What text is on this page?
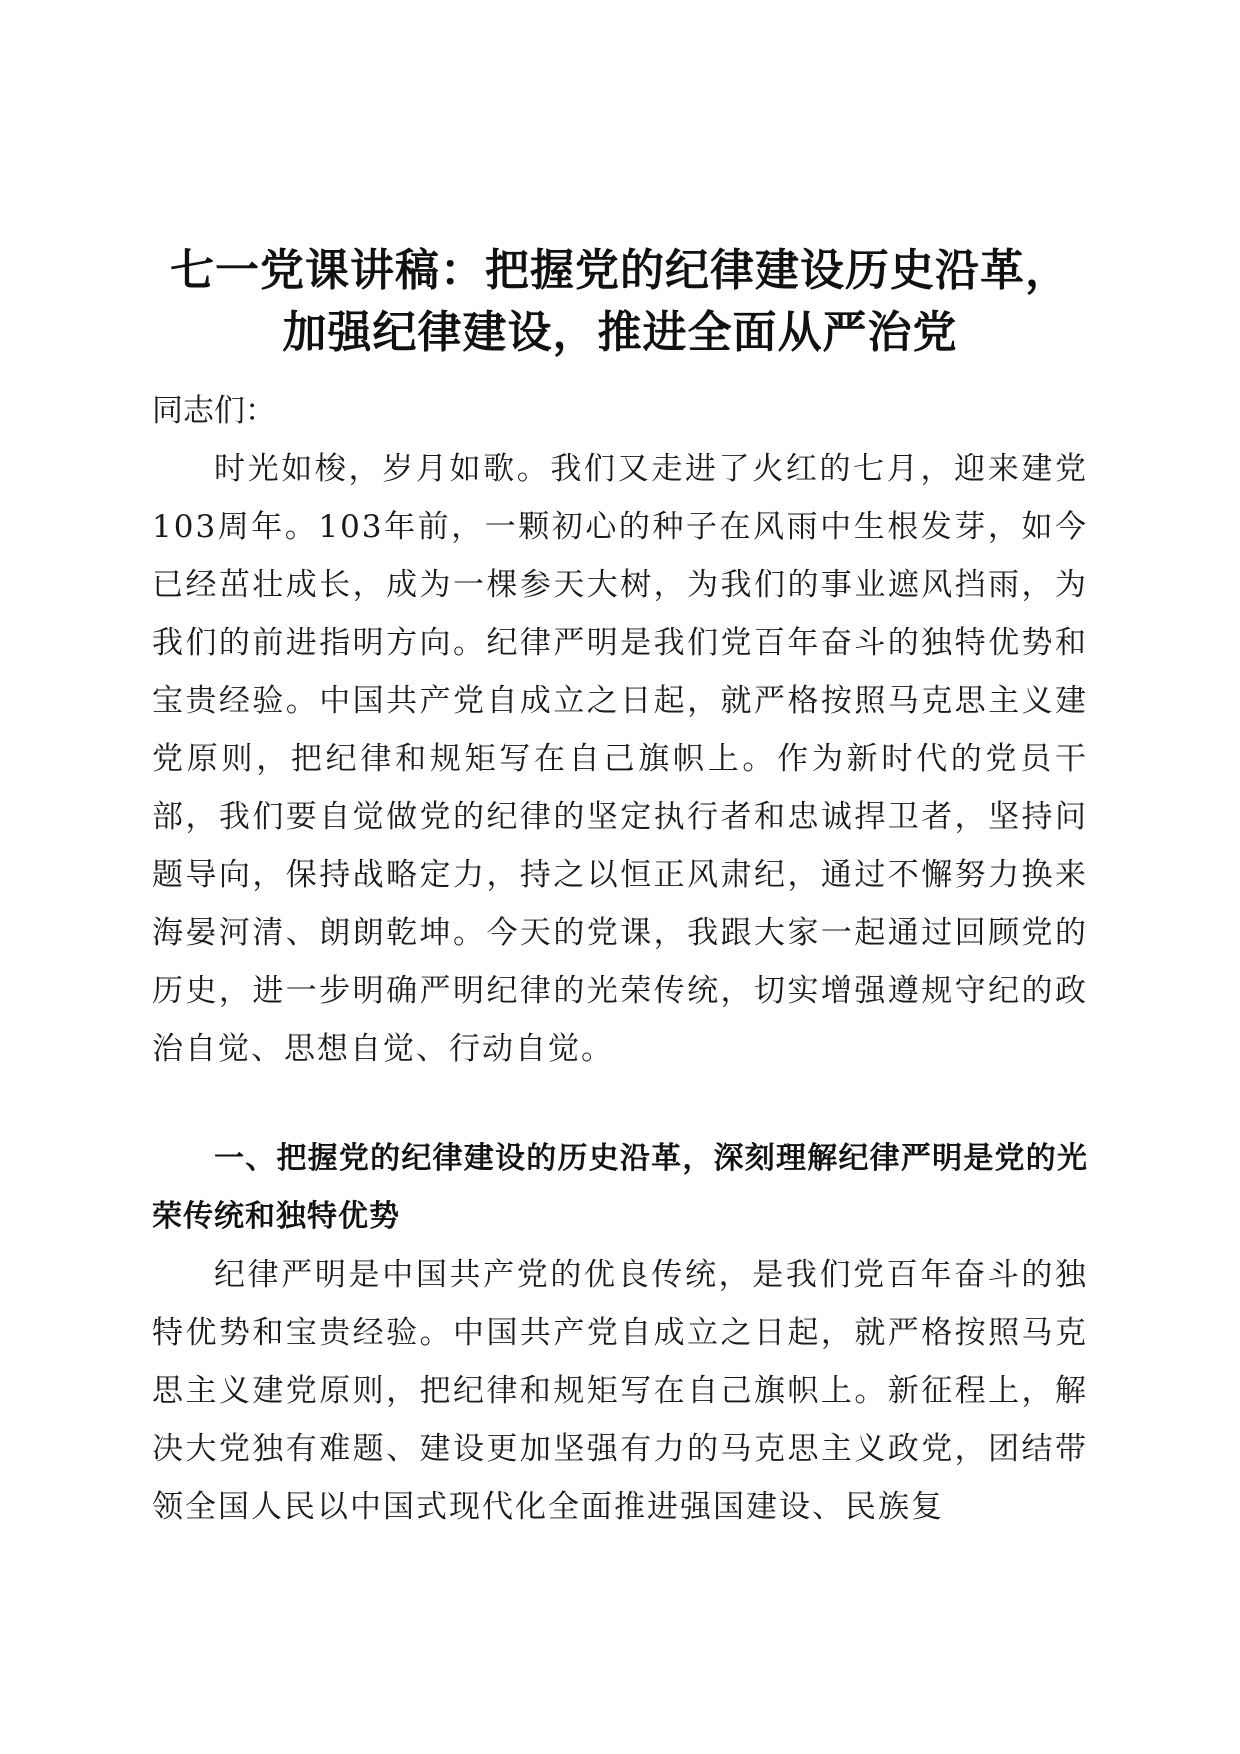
七一党课讲稿：把握党的纪律建设历史沿革，
加强纪律建设，推进全面从严治党
同志们：

时光如梭，岁月如歌。我们又走进了火红的七月，迎来建党103周年。103年前，一颗初心的种子在风雨中生根发芽，如今已经茁壮成长，成为一棵参天大树，为我们的事业遮风挡雨，为我们的前进指明方向。纪律严明是我们党百年奋斗的独特优势和宝贵经验。中国共产党自成立之日起，就严格按照马克思主义建党原则，把纪律和规矩写在自己旗帜上。作为新时代的党员干部，我们要自觉做党的纪律的坚定执行者和忠诚捍卫者，坚持问题导向，保持战略定力，持之以恒正风肃纪，通过不懈努力换来海晏河清、朗朗乾坤。今天的党课，我跟大家一起通过回顾党的历史，进一步明确严明纪律的光荣传统，切实增强遵规守纪的政治自觉、思想自觉、行动自觉。

一、把握党的纪律建设的历史沿革，深刻理解纪律严明是党的光荣传统和独特优势

纪律严明是中国共产党的优良传统，是我们党百年奋斗的独特优势和宝贵经验。中国共产党自成立之日起，就严格按照马克思主义建党原则，把纪律和规矩写在自己旗帜上。新征程上，解决大党独有难题、建设更加坚强有力的马克思主义政党，团结带领全国人民以中国式现代化全面推进强国建设、民族复
